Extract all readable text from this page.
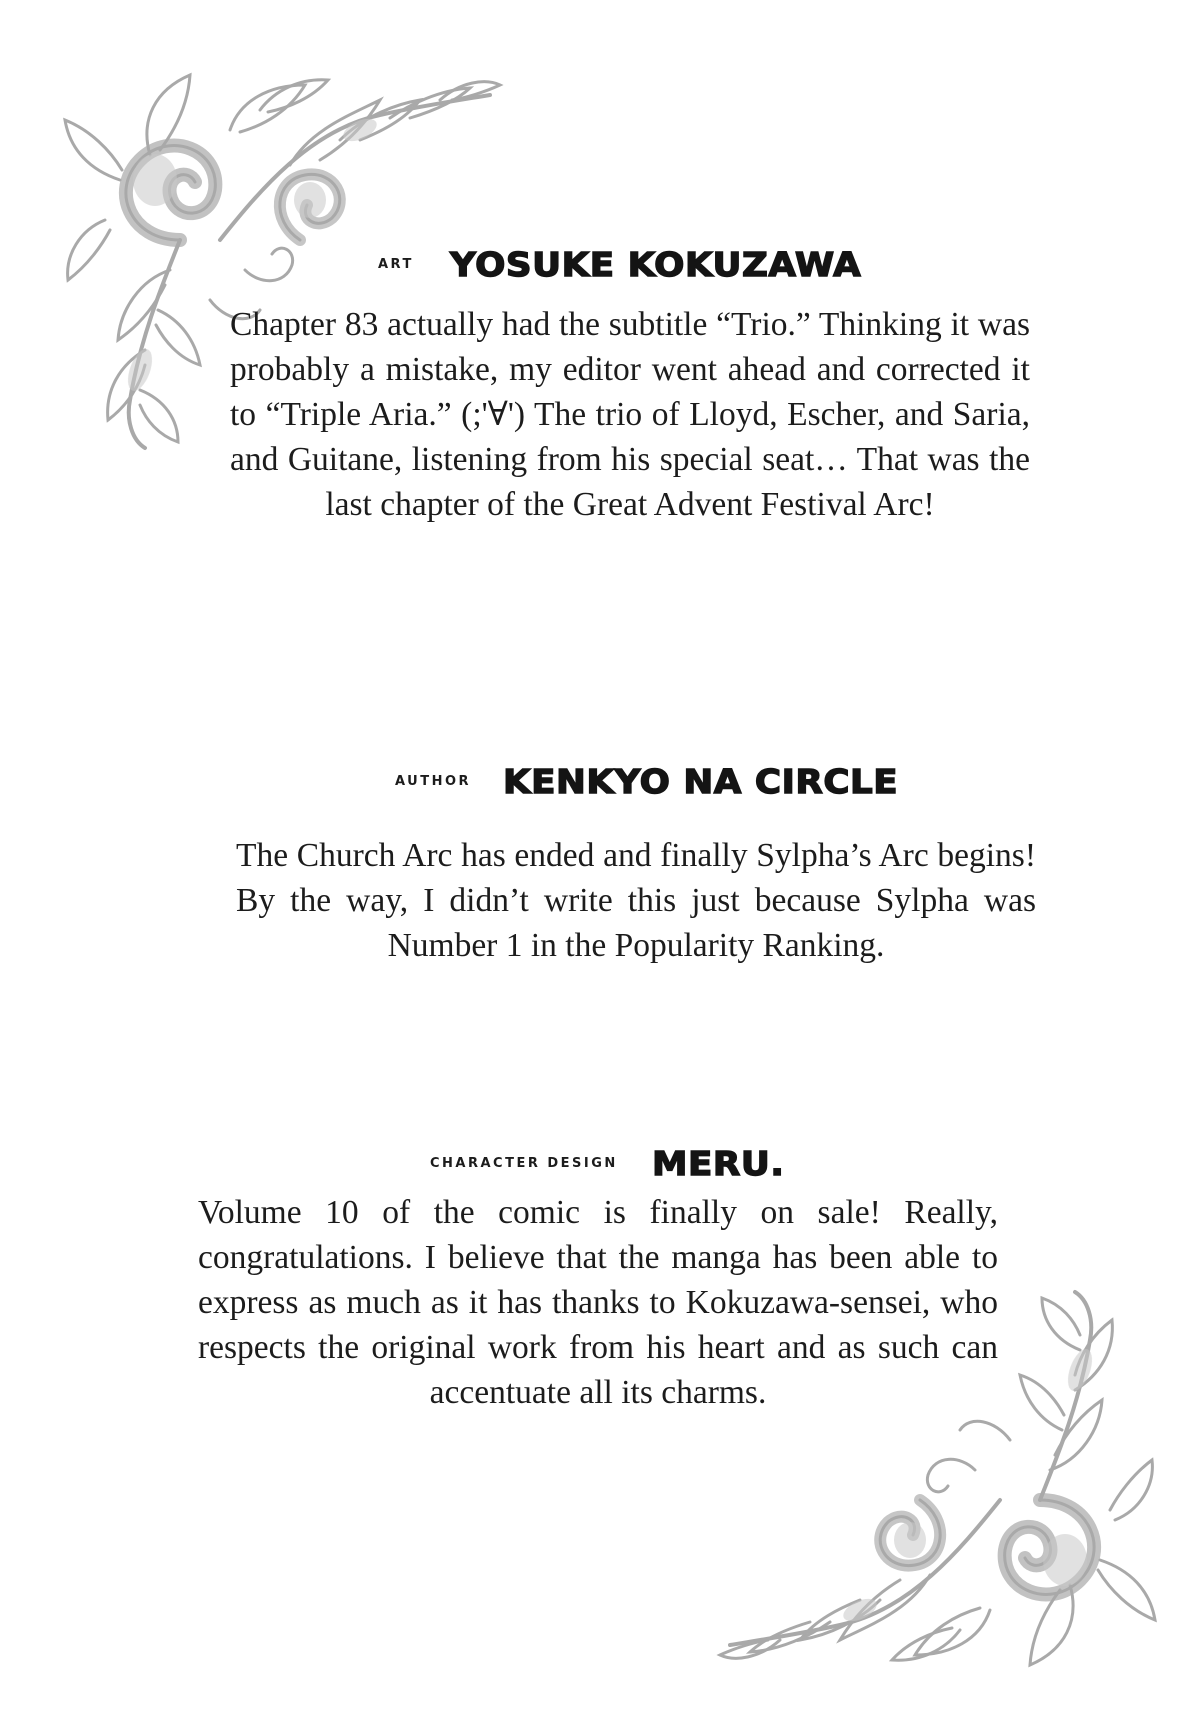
ART YOSUKE KOKUZAWA

Chapter 83 actually had the subtitle “Trio.” Thinking it was probably a mistake, my editor went ahead and corrected it to “Triple Aria.” (;'∀') The trio of Lloyd, Escher, and Saria, and Guitane, listening from his special seat… That was the last chapter of the Great Advent Festival Arc!

AUTHOR KENKYO NA CIRCLE

The Church Arc has ended and finally Sylpha’s Arc begins! By the way, I didn’t write this just because Sylpha was Number 1 in the Popularity Ranking.

CHARACTER DESIGN MERU.

Volume 10 of the comic is finally on sale! Really, congratulations. I believe that the manga has been able to express as much as it has thanks to Kokuzawa-sensei, who respects the original work from his heart and as such can accentuate all its charms.
